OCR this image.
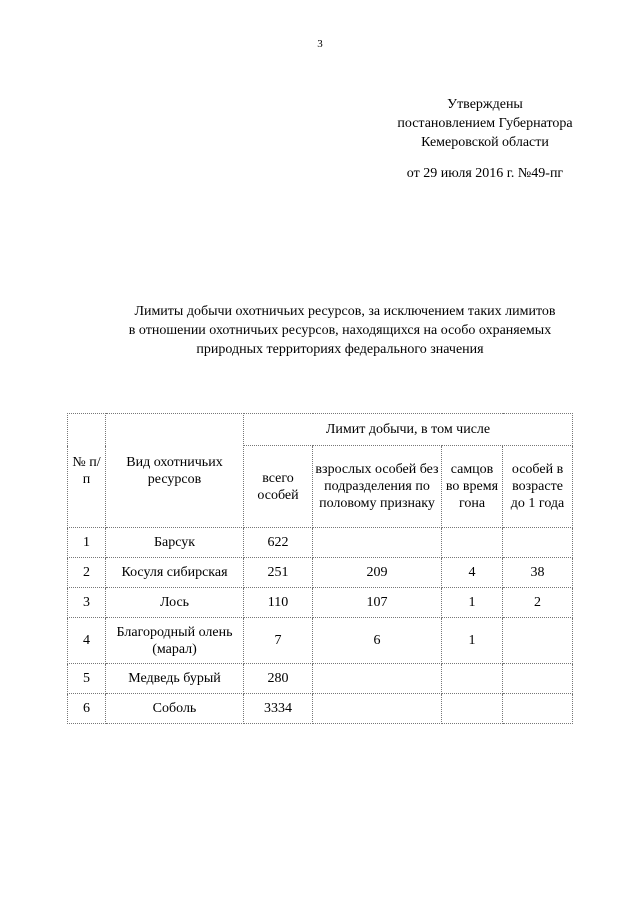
3
Утверждены
постановлением Губернатора
Кемеровской области
от 29 июля 2016 г. №49-пг
Лимиты добычи охотничьих ресурсов, за исключением таких лимитов
в отношении охотничьих ресурсов, находящихся на особо охраняемых
природных территориях федерального значения
№ п/п	Вид охотничьих ресурсов	Лимит добычи, в том числе			
		всего особей	взрослых особей без подразделения по половому признаку	самцов во время гона	особей в возрасте до 1 года
1	Барсук	622			
2	Косуля сибирская	251	209	4	38
3	Лось	110	107	1	2
4	Благородный олень (марал)	7	6	1	
5	Медведь бурый	280			
6	Соболь	3334			
